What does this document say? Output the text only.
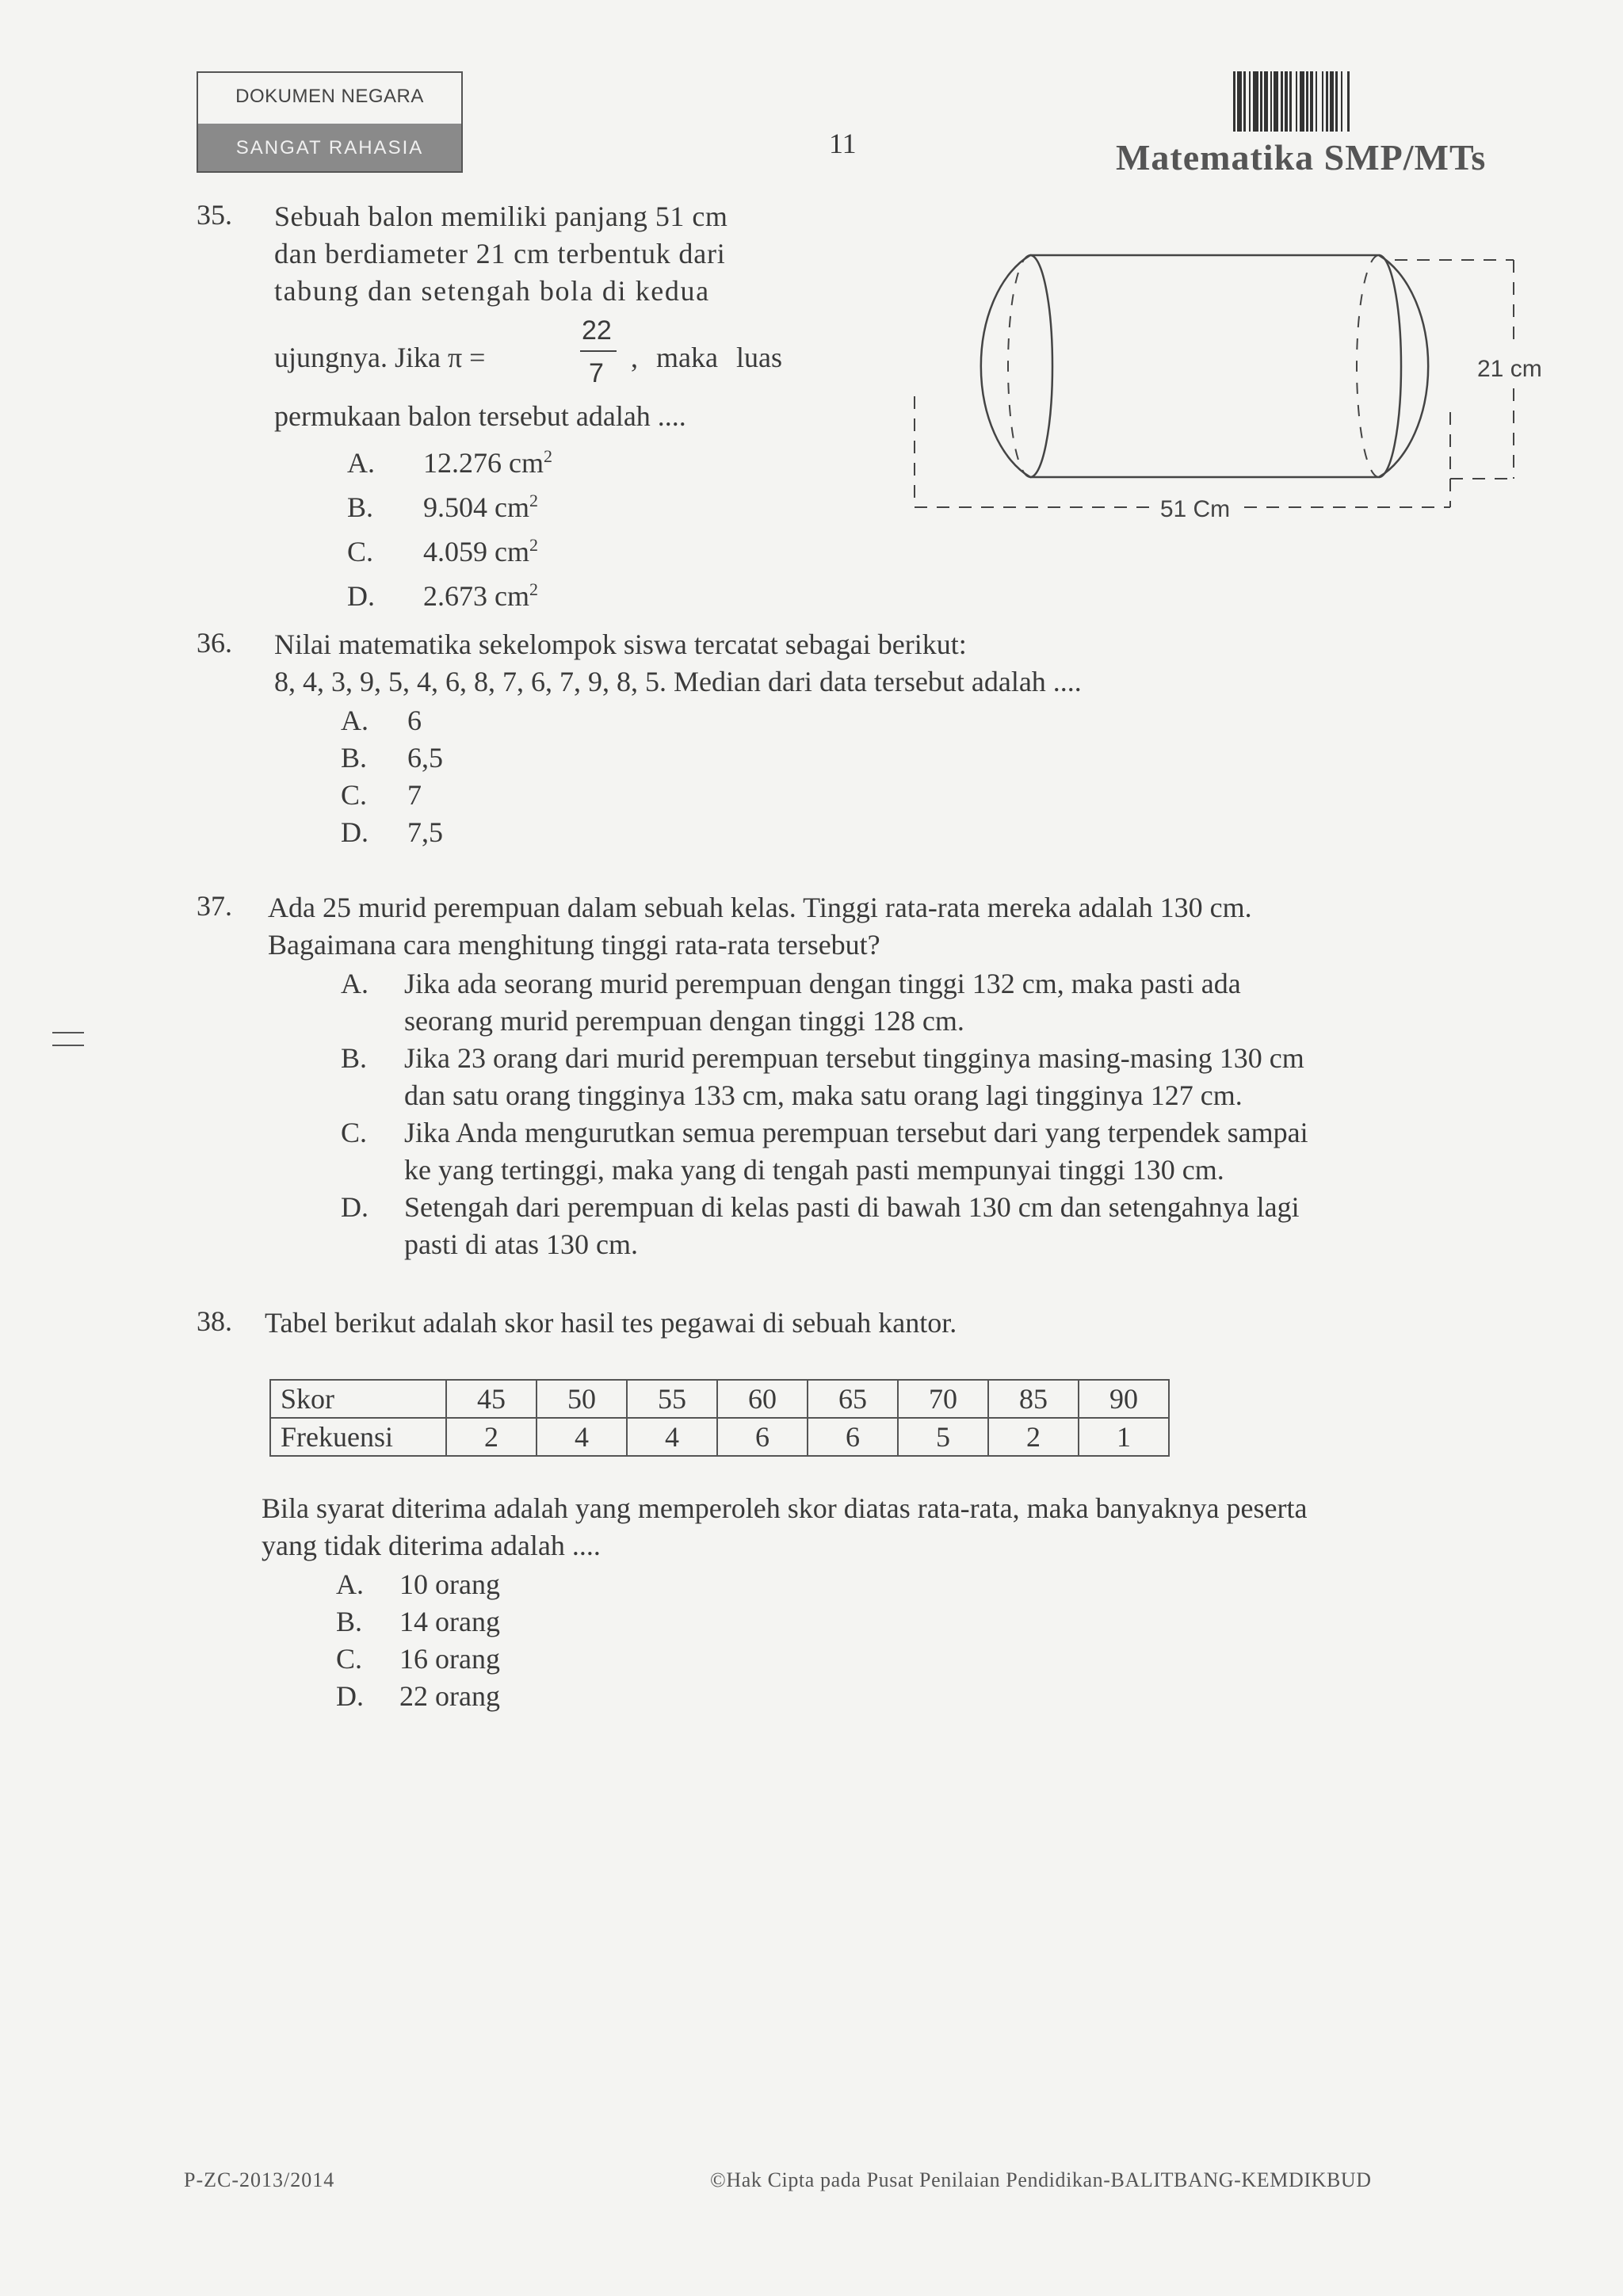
DOKUMEN NEGARA
SANGAT RAHASIA	11	Matematika SMP/MTs
35. Sebuah balon memiliki panjang 51 cm
dan berdiameter 21 cm terbentuk dari
tabung dan setengah bola di kedua
ujungnya. Jika π =
22
7 , maka luas
permukaan balon tersebut adalah ....
A. 12.276 $cm^2$
B. 9.504 $cm^2$
C. 4.059 $cm^2$
D. 2.673 $cm^2$
51 Cm
21 cm
36. Nilai matematika sekelompok siswa tercatat sebagai berikut:
8, 4, 3, 9, 5, 4, 6, 8, 7, 6, 7, 9, 8, 5. Median dari data tersebut adalah ....
A. 6
B. 6,5
C. 7
D. 7,5
37. Ada 25 murid perempuan dalam sebuah kelas. Tinggi rata-rata mereka adalah 130 cm.
Bagaimana cara menghitung tinggi rata-rata tersebut?
A.	Jika ada seorang murid perempuan dengan tinggi 132 cm, maka pasti ada
seorang murid perempuan dengan tinggi 128 cm.
B.	Jika 23 orang dari murid perempuan tersebut tingginya masing-masing 130 cm
dan satu orang tingginya 133 cm, maka satu orang lagi tingginya 127 cm.
C.	Jika Anda mengurutkan semua perempuan tersebut dari yang terpendek sampai
ke yang tertinggi, maka yang di tengah pasti mempunyai tinggi 130 cm.
D.	Setengah dari perempuan di kelas pasti di bawah 130 cm dan setengahnya lagi
pasti di atas 130 cm.
38. Tabel berikut adalah skor hasil tes pegawai di sebuah kantor.
Skor	45	50	55	60	65	70	85	90
Frekuensi	2	4	4	6	6	5	2	1
Bila syarat diterima adalah yang memperoleh skor diatas rata-rata, maka banyaknya peserta
yang tidak diterima adalah ....
A. 10 orang
B. 14 orang
C. 16 orang
D. 22 orang
P-ZC-2013/2014	©Hak Cipta pada Pusat Penilaian Pendidikan-BALITBANG-KEMDIKBUD
